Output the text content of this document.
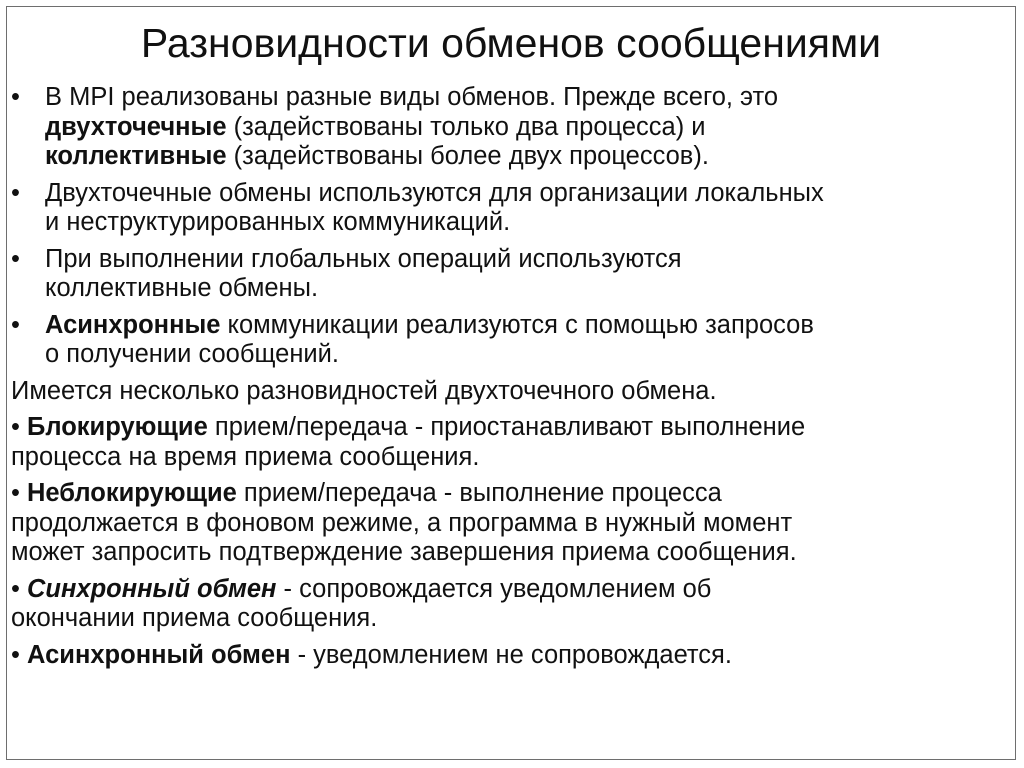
Разновидности обменов сообщениями
• В MPI реализованы разные виды обменов. Прежде всего, это
двухточечные (задействованы только два процесса) и
коллективные (задействованы более двух процессов).
• Двухточечные обмены используются для организации локальных
и неструктурированных коммуникаций.
• При выполнении глобальных операций используются
коллективные обмены.
• Асинхронные коммуникации реализуются с помощью запросов
о получении сообщений.
Имеется несколько разновидностей двухточечного обмена.
• Блокирующие прием/передача - приостанавливают выполнение
процесса на время приема сообщения.
• Неблокирующие прием/передача - выполнение процесса
продолжается в фоновом режиме, а программа в нужный момент
может запросить подтверждение завершения приема сообщения.
• Синхронный обмен - сопровождается уведомлением об
окончании приема сообщения.
• Асинхронный обмен - уведомлением не сопровождается.
